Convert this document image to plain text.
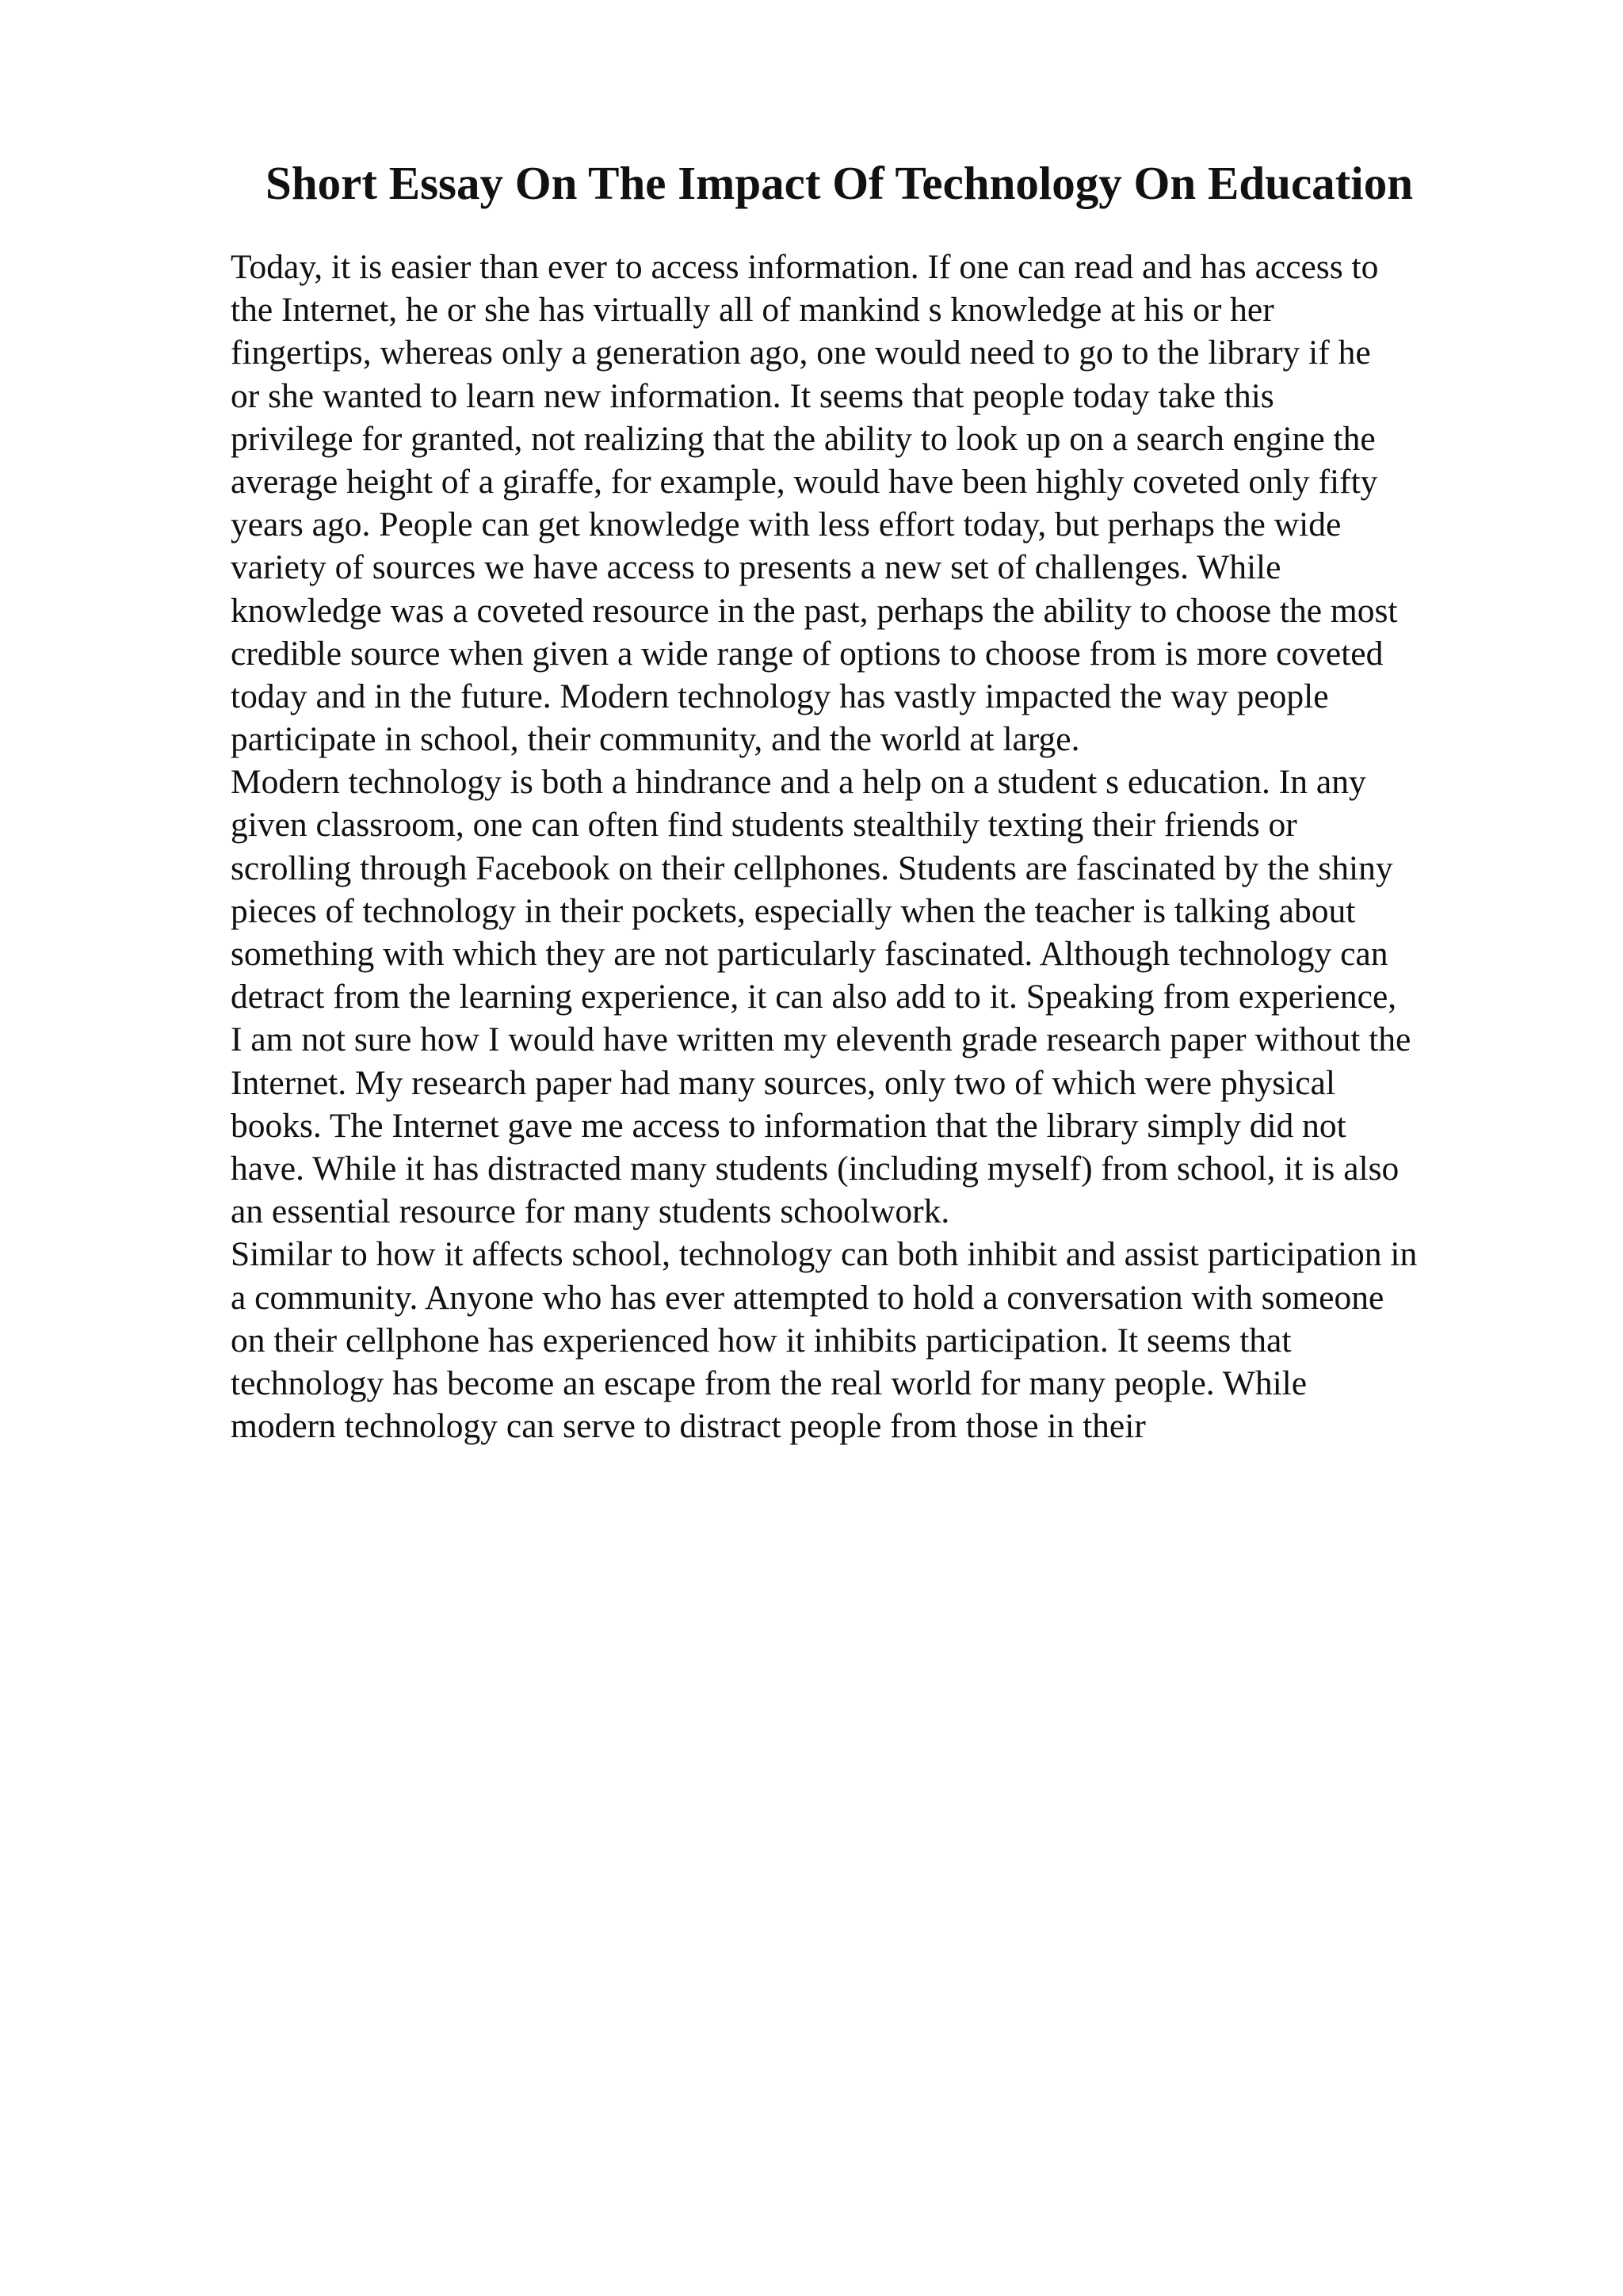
Short Essay On The Impact Of Technology On Education
Today, it is easier than ever to access information. If one can read and has access to
the Internet, he or she has virtually all of mankind s knowledge at his or her
fingertips, whereas only a generation ago, one would need to go to the library if he
or she wanted to learn new information. It seems that people today take this
privilege for granted, not realizing that the ability to look up on a search engine the
average height of a giraffe, for example, would have been highly coveted only fifty
years ago. People can get knowledge with less effort today, but perhaps the wide
variety of sources we have access to presents a new set of challenges. While
knowledge was a coveted resource in the past, perhaps the ability to choose the most
credible source when given a wide range of options to choose from is more coveted
today and in the future. Modern technology has vastly impacted the way people
participate in school, their community, and the world at large.
Modern technology is both a hindrance and a help on a student s education. In any
given classroom, one can often find students stealthily texting their friends or
scrolling through Facebook on their cellphones. Students are fascinated by the shiny
pieces of technology in their pockets, especially when the teacher is talking about
something with which they are not particularly fascinated. Although technology can
detract from the learning experience, it can also add to it. Speaking from experience,
I am not sure how I would have written my eleventh grade research paper without the
Internet. My research paper had many sources, only two of which were physical
books. The Internet gave me access to information that the library simply did not
have. While it has distracted many students (including myself) from school, it is also
an essential resource for many students schoolwork.
Similar to how it affects school, technology can both inhibit and assist participation in
a community. Anyone who has ever attempted to hold a conversation with someone
on their cellphone has experienced how it inhibits participation. It seems that
technology has become an escape from the real world for many people. While
modern technology can serve to distract people from those in their
